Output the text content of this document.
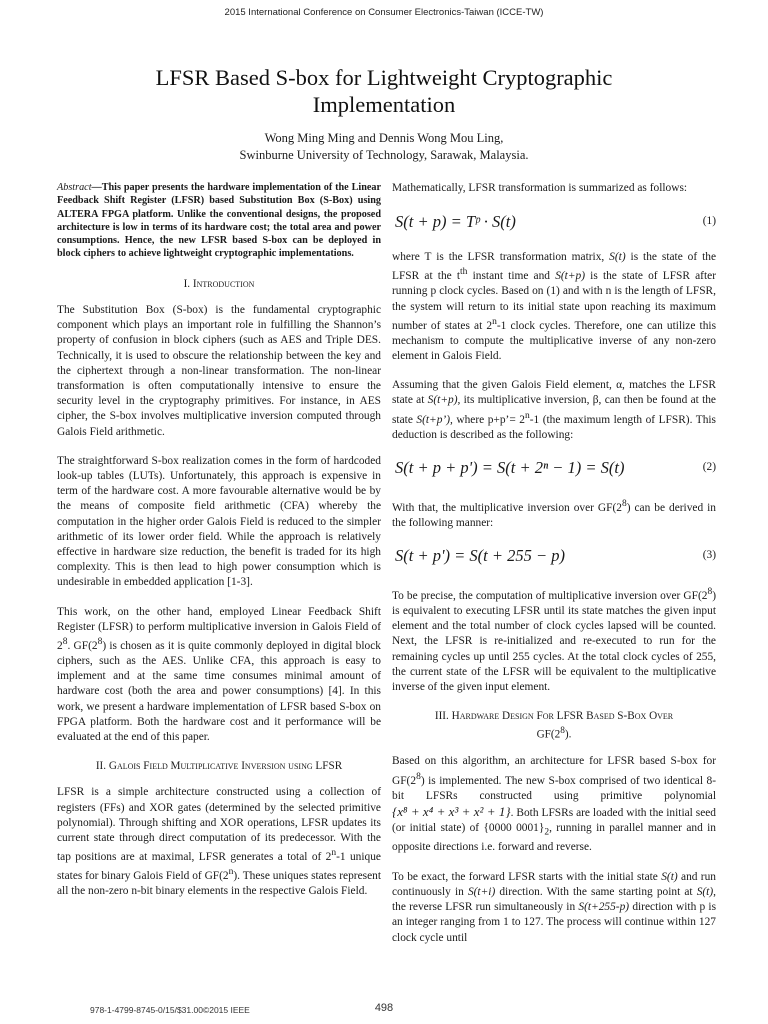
2015 International Conference on Consumer Electronics-Taiwan (ICCE-TW)
LFSR Based S-box for Lightweight Cryptographic
Implementation
Wong Ming Ming and Dennis Wong Mou Ling,
Swinburne University of Technology, Sarawak, Malaysia.

Abstract—This paper presents the hardware implementation of the Linear Feedback Shift Register (LFSR) based Substitution Box (S-Box) using ALTERA FPGA platform. Unlike the conventional designs, the proposed architecture is low in terms of its hardware cost; the total area and power consumptions. Hence, the new LFSR based S-box can be deployed in block ciphers to achieve lightweight cryptographic implementations.

I. Introduction

The Substitution Box (S-box) is the fundamental cryptographic component which plays an important role in fulfilling the Shannon’s property of confusion in block ciphers (such as AES and Triple DES. Technically, it is used to obscure the relationship between the key and the ciphertext through a non-linear transformation. The non-linear transformation is often computationally intensive to ensure the security level in the cryptography primitives. For instance, in AES cipher, the S-box involves multiplicative inversion computed through Galois Field arithmetic.

The straightforward S-box realization comes in the form of hardcoded look-up tables (LUTs). Unfortunately, this approach is expensive in term of the hardware cost. A more favourable alternative would be by the means of composite field arithmetic (CFA) whereby the computation in the higher order Galois Field is reduced to the simpler arithmetic of its lower order field. While the approach is relatively effective in hardware size reduction, the benefit is traded for its high complexity. This is then lead to high power consumption which is undesirable in embedded application [1-3].

This work, on the other hand, employed Linear Feedback Shift Register (LFSR) to perform multiplicative inversion in Galois Field of $2^8$. $GF(2^8)$ is chosen as it is quite commonly deployed in digital block ciphers, such as the AES. Unlike CFA, this approach is easy to implement and at the same time consumes minimal amount of hardware cost (both the area and power consumptions) [4]. In this work, we present a hardware implementation of LFSR based S-box on FPGA platform. Both the hardware cost and it performance will be evaluated at the end of this paper.

II. Galois Field Multiplicative Inversion using LFSR

LFSR is a simple architecture constructed using a collection of registers (FFs) and XOR gates (determined by the selected primitive polynomial). Through shifting and XOR operations, LFSR updates its current state through direct computation of its predecessor. With the tap positions are at maximal, LFSR generates a total of 2$^n$-1 unique states for binary Galois Field of GF(2$^n$). These uniques states represent all the non-zero n-bit binary elements in the respective Galois Field.

Mathematically, LFSR transformation is summarized as follows:

S(t + p) = Tᵖ · S(t)	(1)

where T is the LFSR transformation matrix, S(t) is the state of the LFSR at the $t^{th}$ instant time and S(t+p) is the state of LFSR after running p clock cycles. Based on (1) and with n is the length of LFSR, the system will return to its initial state upon reaching its maximum number of states at 2$^n$-1 clock cycles. Therefore, one can utilize this mechanism to compute the multiplicative inverse of any non-zero element in Galois Field.

Assuming that the given Galois Field element, α, matches the LFSR state at S(t+p), its multiplicative inversion, β, can then be found at the state S(t+p’), where p+p’= $2^n-1$ (the maximum length of LFSR). This deduction is described as the following:

S(t + p + p') = S(t + 2ⁿ − 1) = S(t)	(2)

With that, the multiplicative inversion over $GF(2^8)$ can be derived in the following manner:

S(t + p') = S(t + 255 − p)	(3)

To be precise, the computation of multiplicative inversion over $GF(2^8)$ is equivalent to executing LFSR until its state matches the given input element and the total number of clock cycles lapsed will be counted. Next, the LFSR is re-initialized and re-executed to run for the remaining cycles up until 255 cycles. At the total clock cycles of 255, the current state of the LFSR will be equivalent to the multiplicative inverse of the given input element.

III. Hardware Design For LFSR Based S-Box Over
$GF(2^8)$.

Based on this algorithm, an architecture for LFSR based S-box for $GF(2^8)$ is implemented. The new S-box comprised of two identical 8-bit LFSRs constructed using primitive polynomial {x⁸ + x⁴ + x³ + x² + 1}. Both LFSRs are loaded with the initial seed (or initial state) of {0000 $0001\}_2$, running in parallel manner and in opposite directions i.e. forward and reverse.

To be exact, the forward LFSR starts with the initial state S(t) and run continuously in S(t+i) direction. With the same starting point at S(t), the reverse LFSR run simultaneously in S(t+255-p) direction with p is an integer ranging from 1 to 127. The process will continue within 127 clock cycle until

978-1-4799-8745-0/15/$31.00©2015 IEEE	498
